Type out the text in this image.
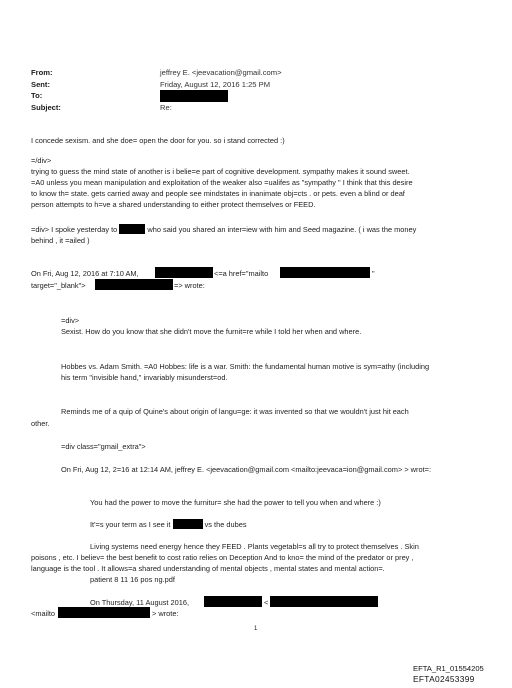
From:	jeffrey E. <jeevacation@gmail.com>
Sent:	Friday, August 12, 2016 1:25 PM
To:
Subject:	Re:
I concede sexism. and she doe= open the door for you. so i stand corrected :)
=/div>
trying to guess the mind state of another is i belie=e part of cognitive development. sympathy makes it sound sweet.
=A0 unless you mean manipulation and exploitation of the weaker also =ualifes as "sympathy " I think that this desire
to know th= state. gets carried away and people see mindstates in inanimate obj=cts . or pets. even a blind or deaf
person attempts to h=ve a shared understanding to either protect themselves or FEED.
=div> I spoke yesterday to	who said you shared an inter=iew with him and Seed magazine. ( i was the money
behind , it =ailed )
On Fri, Aug 12, 2016 at 7:10 AM,	<=a href="mailto	"
target="_blank">	=> wrote:
=div>
Sexist. How do you know that she didn't move the furnit=re while I told her when and where.
Hobbes vs. Adam Smith. =A0 Hobbes: life is a war. Smith: the fundamental human motive is sym=athy (including
his term "invisible hand," invariably misunderst=od.
Reminds me of a quip of Quine's about origin of langu=ge: it was invented so that we wouldn't just hit each
other.
=div class="gmail_extra">
On Fri, Aug 12, 2=16 at 12:14 AM, jeffrey E. <jeevacation@gmail.com <mailto:jeevaca=ion@gmail.com> > wrot=:
You had the power to move the furnitur= she had the power to tell you when and where :)
It'=s your term as I see it	vs the dubes
Living systems need energy hence they FEED . Plants vegetabl=s all try to protect themselves . Skin
poisons , etc. I believ= the best benefit to cost ratio relies on Deception And to kno= the mind of the predator or prey ,
language is the tool . It allows=a shared understanding of mental objects , mental states and mental action=.
patient 8 11 16 pos ng.pdf
On Thursday, 11 August 2016,	<
<mailto	> wrote:
1
EFTA_R1_01554205
EFTA02453399
